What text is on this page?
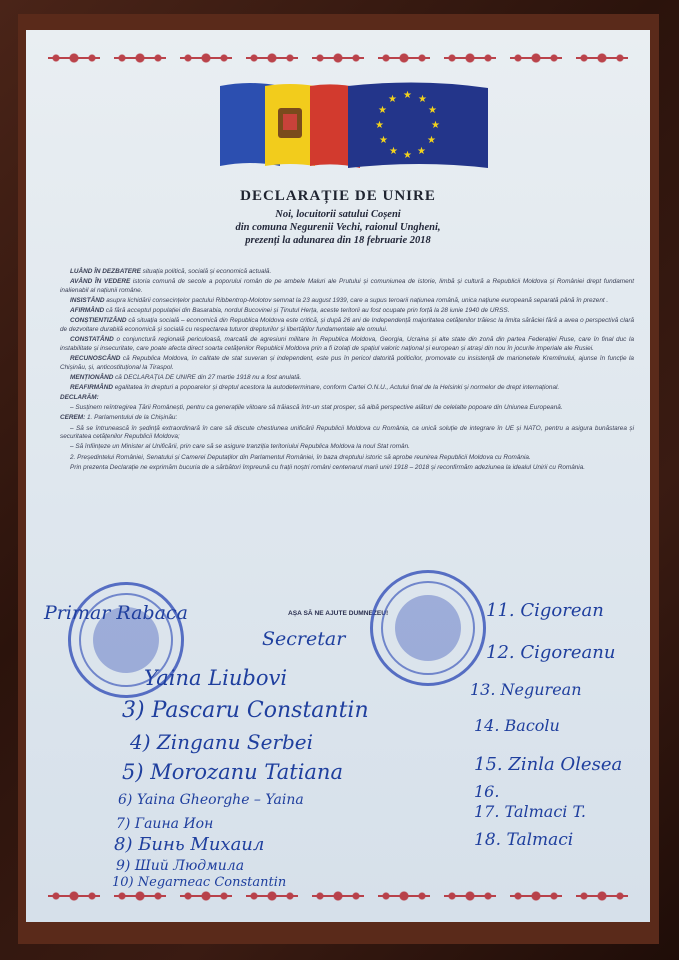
★ ★
★
★
★
★
★
★
★
★
★
★
DECLARAȚIE DE UNIRE
Noi, locuitorii satului Coșeni
din comuna Negurenii Vechi, raionul Ungheni,
prezenți la adunarea din 18 februarie 2018

LUÂND ÎN DEZBATERE situația politică, socială și economică actuală.

AVÂND ÎN VEDERE istoria comună de secole a poporului român de pe ambele Maluri ale Prutului și comuniunea de istorie, limbă și cultură a Republicii Moldova și României drept fundament inalienabil al națiunii române.

INSISTÂND asupra lichidării consecințelor pactului Ribbentrop-Molotov semnat la 23 august 1939, care a supus teroarii națiunea română, unica națiune europeană separată până în prezent .

AFIRMÂND că fără acceptul populației din Basarabia, nordul Bucovinei și Ținutul Herța, aceste teritorii au fost ocupate prin forță la 28 iunie 1940 de URSS.

CONȘTIENTIZÂND că situația socială – economică din Republica Moldova este critică, și după 26 ani de Independență majoritatea cetățenilor trăiesc la limita sărăciei fără a avea o perspectivă clară de dezvoltare durabilă economică și socială cu respectarea tuturor drepturilor și libertăților fundamentale ale omului.

CONSTATÂND o conjunctură regională periculoasă, marcată de agresiuni militare în Republica Moldova, Georgia, Ucraina și alte state din zonă din partea Federației Ruse, care în final duc la instabilitate și insecuritate, care poate afecta direct soarta cetățenilor Republicii Moldova prin a fi izolați de spațiul valoric național și european și atrași din nou în jocurile imperiale ale Rusiei.

RECUNOSCÂND că Republica Moldova, în calitate de stat suveran și independent, este pus în pericol datorită politicilor, promovate cu insistență de marionetele Kremlinului, ajunse în funcție la Chișinău, și, anticostituțional la Tiraspol.

MENȚIONÂND că DECLARAȚIA DE UNIRE din 27 martie 1918 nu a fost anulată.

REAFIRMÂND egalitatea în drepturi a popoarelor și dreptul acestora la autodeterminare, conform Cartei O.N.U., Actului final de la Helsinki și normelor de drept internațional.

DECLARĂM:

– Susținem reîntregirea Țării Românești, pentru ca generațiile viitoare să trăiască într-un stat prosper, să aibă perspective alături de celelalte popoare din Uniunea Europeană.

CEREM: 1. Parlamentului de la Chișinău:

– Să se întrunească în ședință extraordinară în care să discute chestiunea unificării Republicii Moldova cu România, ca unică soluție de integrare în UE și NATO, pentru a asigura bunăstarea și securitatea cetățenilor Republicii Moldova;

– Să înființeze un Minister al Unificării, prin care să se asigure tranziția teritoriului Republica Moldova la noul Stat român.

2. Președintelui României, Senatului și Camerei Deputaților din Parlamentul României, în baza dreptului istoric să aprobe reunirea Republicii Moldova cu România.

Prin prezenta Declarație ne exprimăm bucuria de a sărbători împreună cu frații noștri români centenarul marii uniri 1918 – 2018 și reconfirmăm adeziunea la idealul Unirii cu România.

AȘA SĂ NE AJUTE DUMNEZEU!
Primar Rabaca
Secretar
Yaina Liubovi
3) Pascaru Constantin
4) Zinganu Serbei
5) Morozanu Tatiana
6) Yaina Gheorghe – Yaina
7) Гаина Ион
8) Бинь Михаил
9) Ший Людмила
10) Negarneac Constantin
11. Cigorean
12. Cigoreanu
13. Negurean
14. Bacolu
15. Zinla Olesea
16.
17. Talmaci T.
18. Talmaci
